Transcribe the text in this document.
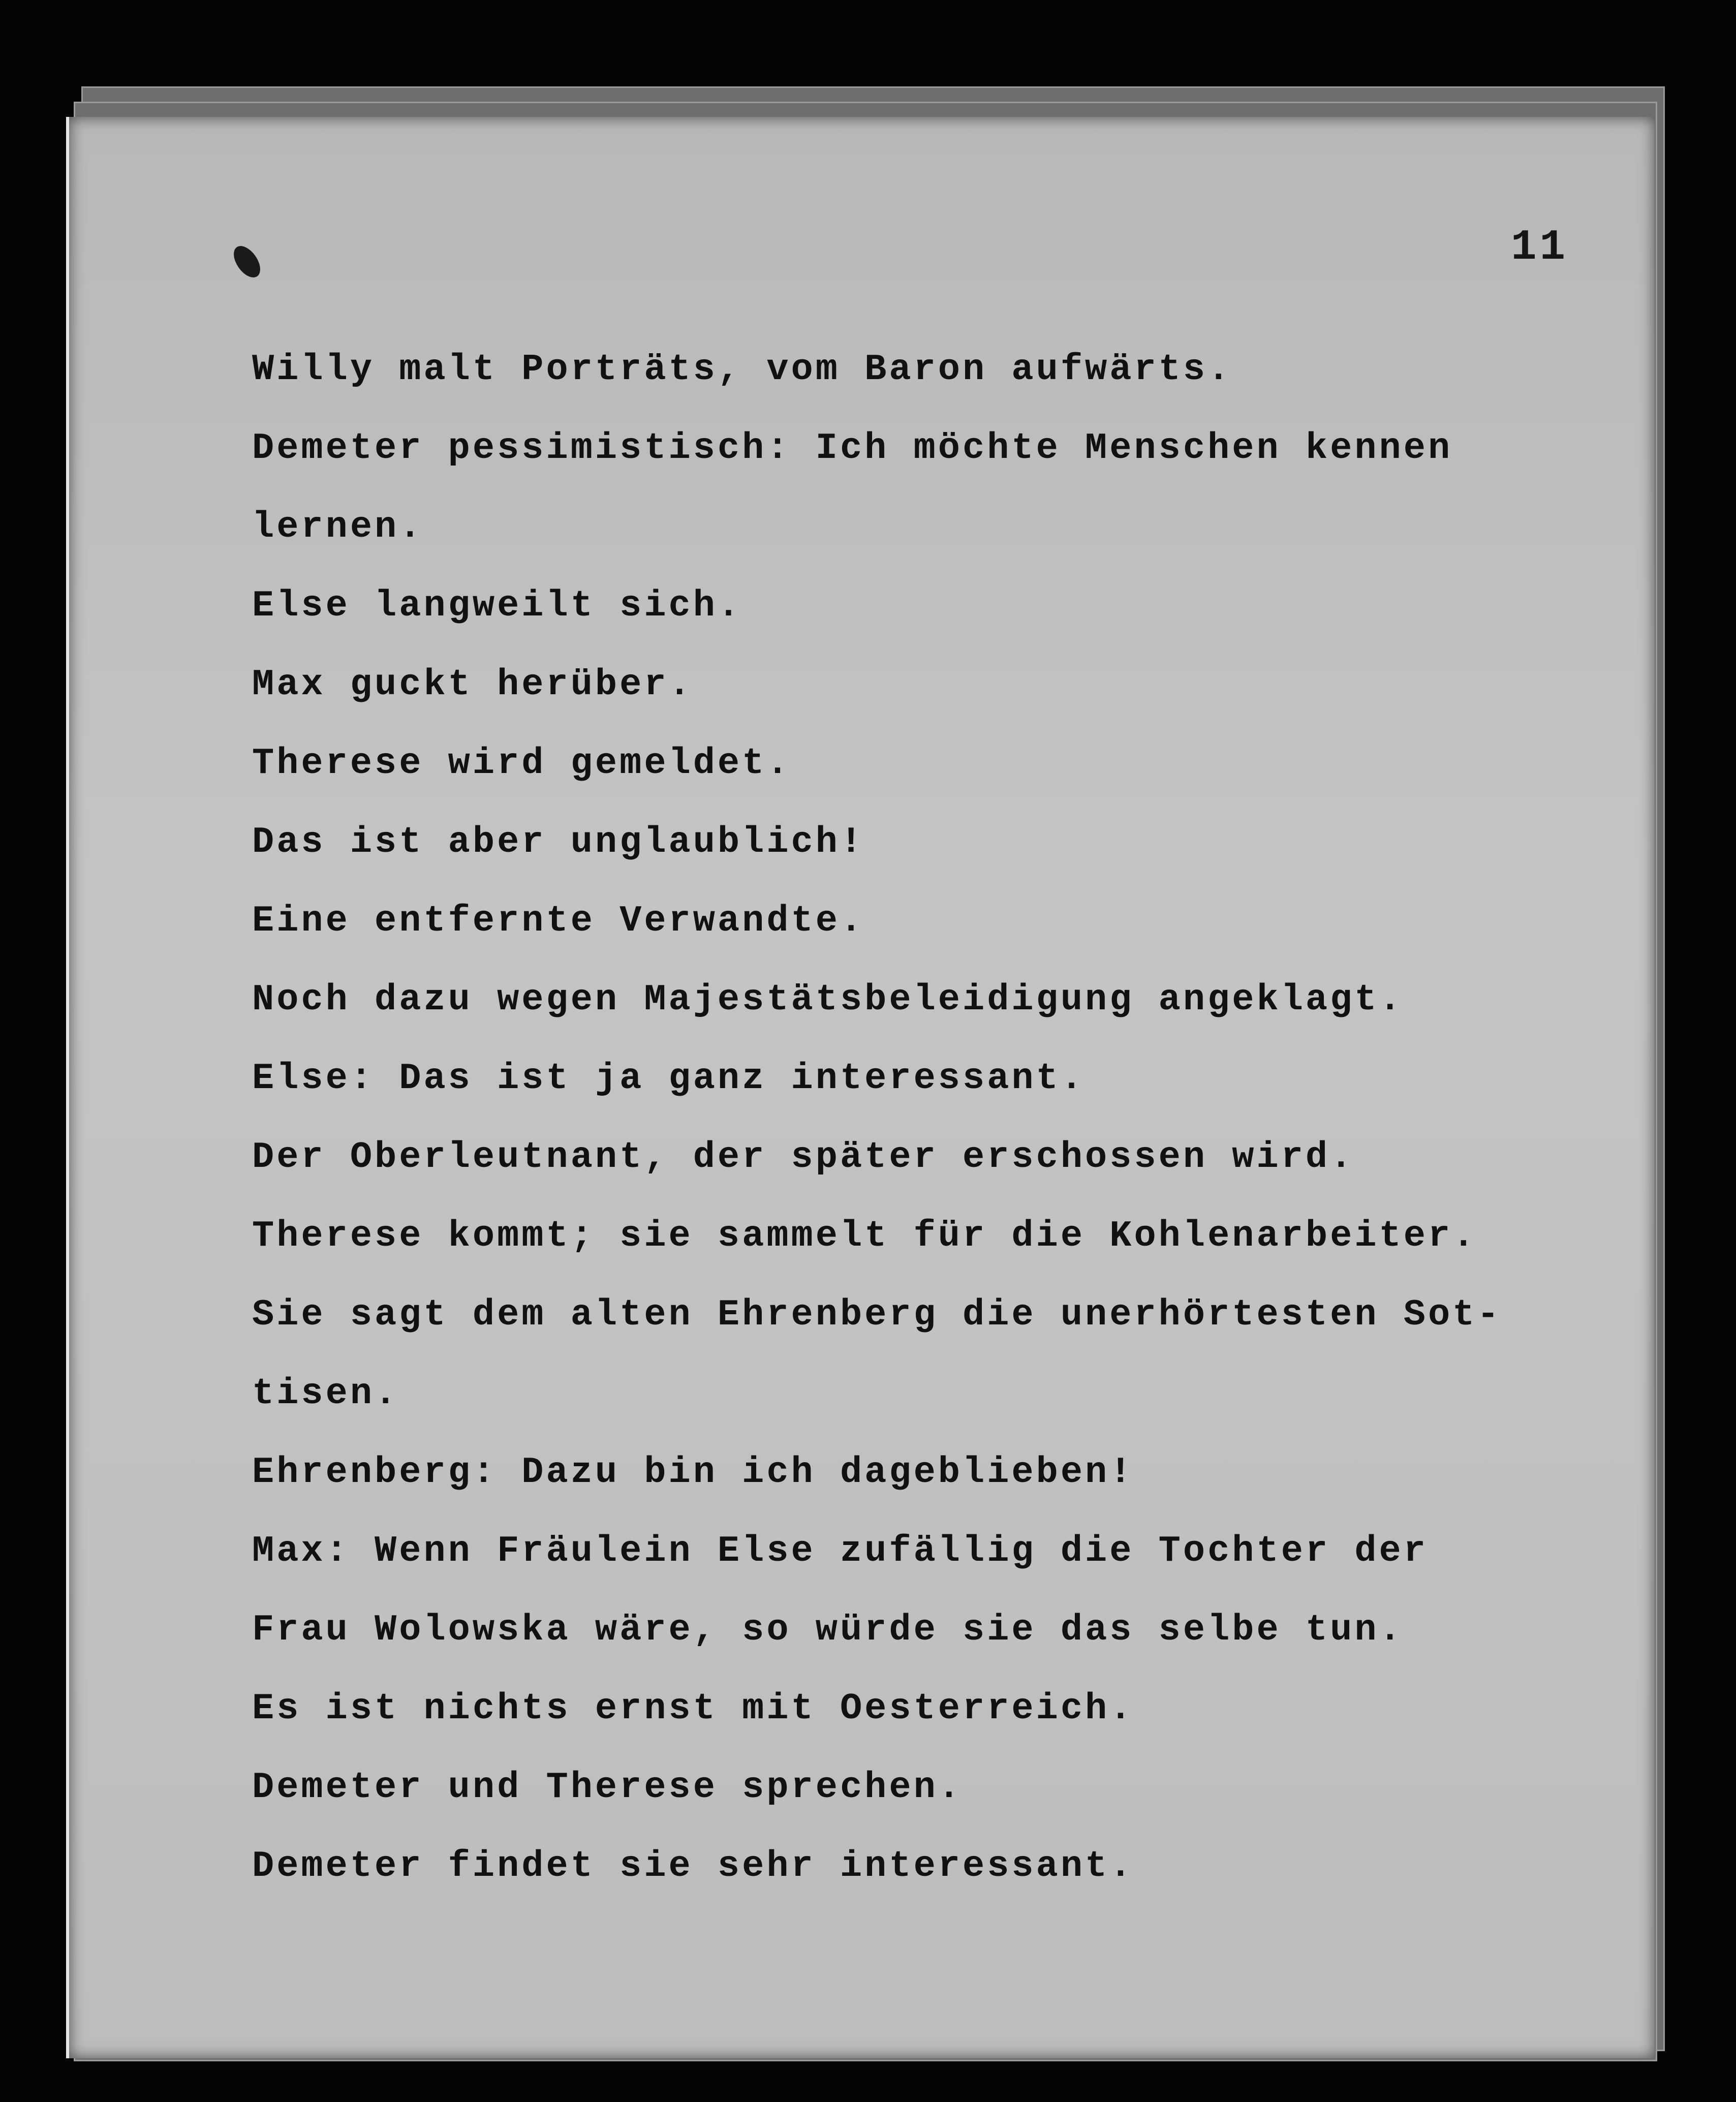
11
Willy malt Porträts, vom Baron aufwärts.
Demeter pessimistisch: Ich möchte Menschen kennen
lernen.
Else langweilt sich.
Max guckt herüber.
Therese wird gemeldet.
Das ist aber unglaublich!
Eine entfernte Verwandte.
Noch dazu wegen Majestätsbeleidigung angeklagt.
Else: Das ist ja ganz interessant.
Der Oberleutnant, der später erschossen wird.
Therese kommt; sie sammelt für die Kohlenarbeiter.
Sie sagt dem alten Ehrenberg die unerhörtesten Sot-
tisen.
Ehrenberg: Dazu bin ich dageblieben!
Max: Wenn Fräulein Else zufällig die Tochter der
Frau Wolowska wäre, so würde sie das selbe tun.
Es ist nichts ernst mit Oesterreich.
Demeter und Therese sprechen.
Demeter findet sie sehr interessant.
